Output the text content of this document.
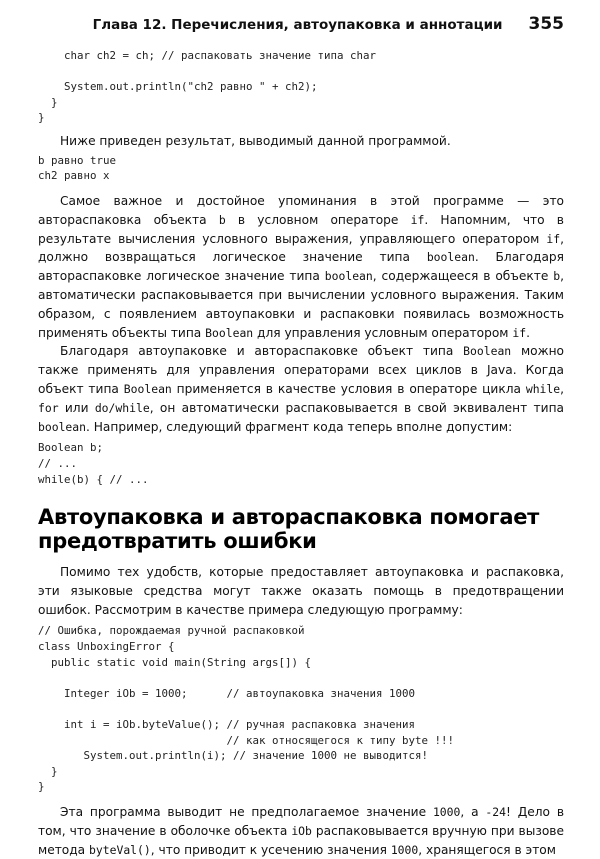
Глава 12. Перечисления, автоупаковка и аннотации 355
char ch2 = ch; // распаковать значение типа char

System.out.println("ch2 равно " + ch2);
}
}

Ниже приведен результат, выводимый данной программой.

b равно true
ch2 равно x

Самое важное и достойное упоминания в этой программе — это автораспаковка объекта b в условном операторе if. Напомним, что в результате вычисления условного выражения, управляющего оператором if, должно возвращаться логическое значение типа boolean. Благодаря автораспаковке логическое значение типа boolean, содержащееся в объекте b, автоматически распаковывается при вычислении условного выражения. Таким образом, с появлением автоупаковки и распаковки появилась возможность применять объекты типа Boolean для управления условным оператором if.

Благодаря автоупаковке и автораспаковке объект типа Boolean можно также применять для управления операторами всех циклов в Java. Когда объект типа Boolean применяется в качестве условия в операторе цикла while, for или do/while, он автоматически распаковывается в свой эквивалент типа boolean. Например, следующий фрагмент кода теперь вполне допустим:

Boolean b;
// ...
while(b) { // ...
Автоупаковка и автораспаковка помогает предотвратить ошибки

Помимо тех удобств, которые предоставляет автоупаковка и распаковка, эти языковые средства могут также оказать помощь в предотвращении ошибок. Рассмотрим в качестве примера следующую программу:

// Ошибка, порождаемая ручной распаковкой
class UnboxingError {
public static void main(String args[]) {

Integer iOb = 1000;      // автоупаковка значения 1000

int i = iOb.byteValue(); // ручная распаковка значения
// как относящегося к типу byte !!!
System.out.println(i); // значение 1000 не выводится!
}
}

Эта программа выводит не предполагаемое значение 1000, а -24! Дело в том, что значение в оболочке объекта iOb распаковывается вручную при вызове метода byteVal(), что приводит к усечению значения 1000, хранящегося в этом
